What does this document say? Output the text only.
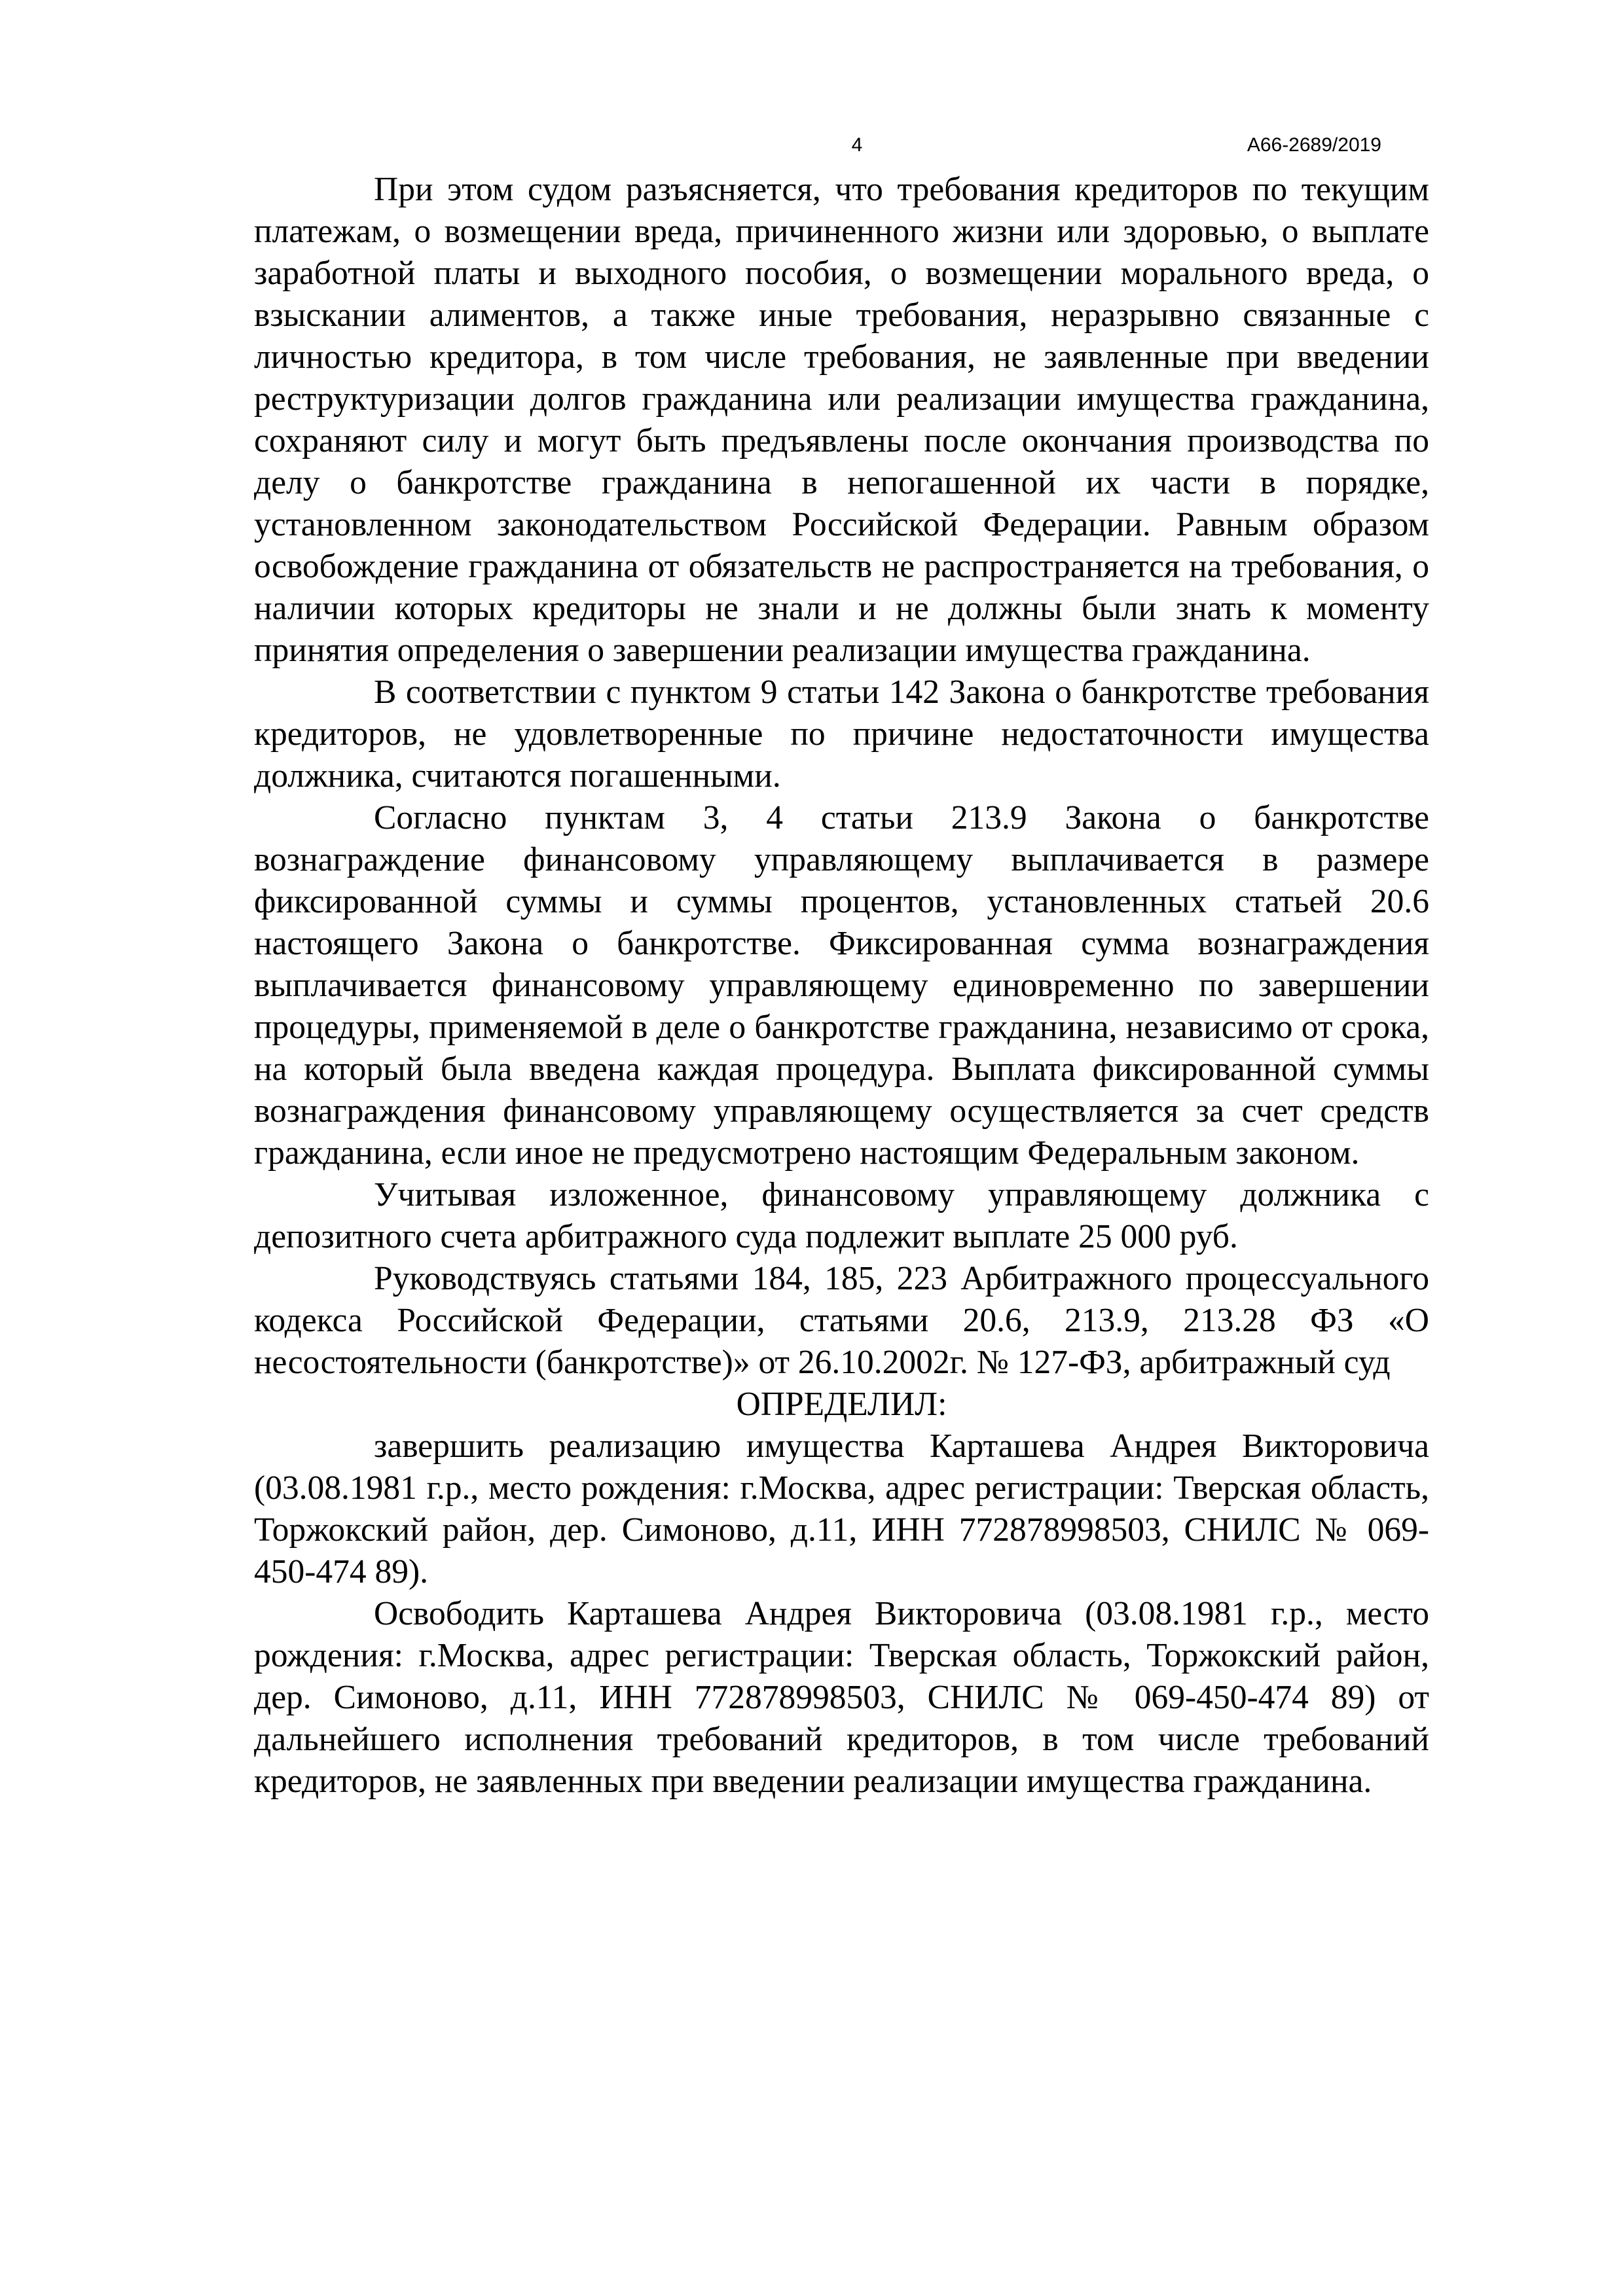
4	А66-2689/2019

При этом судом разъясняется, что требования кредиторов по текущим платежам, о возмещении вреда, причиненного жизни или здоровью, о выплате заработной платы и выходного пособия, о возмещении морального вреда, о взыскании алиментов, а также иные требования, неразрывно связанные с личностью кредитора, в том числе требования, не заявленные при введении реструктуризации долгов гражданина или реализации имущества гражданина, сохраняют силу и могут быть предъявлены после окончания производства по делу о банкротстве гражданина в непогашенной их части в порядке, установленном законодательством Российской Федерации. Равным образом освобождение гражданина от обязательств не распространяется на требования, о наличии которых кредиторы не знали и не должны были знать к моменту принятия определения о завершении реализации имущества гражданина.

В соответствии с пунктом 9 статьи 142 Закона о банкротстве требования кредиторов, не удовлетворенные по причине недостаточности имущества должника, считаются погашенными.

Согласно пунктам 3, 4 статьи 213.9 Закона о банкротстве вознаграждение финансовому управляющему выплачивается в размере фиксированной суммы и суммы процентов, установленных статьей 20.6 настоящего Закона о банкротстве. Фиксированная сумма вознаграждения выплачивается финансовому управляющему единовременно по завершении процедуры, применяемой в деле о банкротстве гражданина, независимо от срока, на который была введена каждая процедура. Выплата фиксированной суммы вознаграждения финансовому управляющему осуществляется за счет средств гражданина, если иное не предусмотрено настоящим Федеральным законом.

Учитывая изложенное, финансовому управляющему должника с депозитного счета арбитражного суда подлежит выплате 25 000 руб.

Руководствуясь статьями 184, 185, 223 Арбитражного процессуального кодекса Российской Федерации, статьями 20.6, 213.9, 213.28 ФЗ «О несостоятельности (банкротстве)» от 26.10.2002г. № 127-ФЗ, арбитражный суд

ОПРЕДЕЛИЛ:

завершить реализацию имущества Карташева Андрея Викторовича (03.08.1981 г.р., место рождения: г.Москва, адрес регистрации: Тверская область, Торжокский район, дер. Симоново, д.11, ИНН 772878998503, СНИЛС № 069-450-474 89).

Освободить Карташева Андрея Викторовича (03.08.1981 г.р., место рождения: г.Москва, адрес регистрации: Тверская область, Торжокский район, дер. Симоново, д.11, ИНН 772878998503, СНИЛС № 069-450-474 89) от дальнейшего исполнения требований кредиторов, в том числе требований кредиторов, не заявленных при введении реализации имущества гражданина.
